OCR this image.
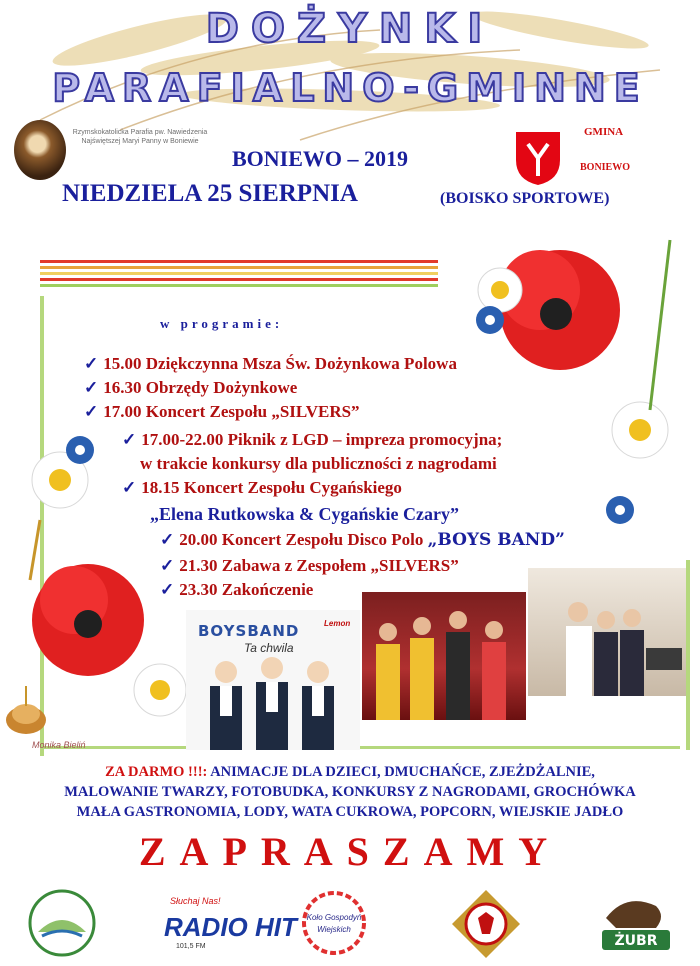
DOŻYNKI
PARAFIALNO-GMINNE
Rzymskokatolicka Parafia pw. Nawiedzenia Najświętszej Maryi Panny w Boniewie
GMINA
BONIEWO
BONIEWO – 2019
NIEDZIELA 25 SIERPNIA	(BOISKO SPORTOWE)
w programie:
✓ 15.00 Dziękczynna Msza Św. Dożynkowa Polowa
✓ 16.30 Obrzędy Dożynkowe
✓ 17.00 Koncert Zespołu „SILVERS”
✓ 17.00-22.00 Piknik z LGD – impreza promocyjna;
w trakcie konkursy dla publiczności z nagrodami
✓ 18.15 Koncert Zespołu Cygańskiego
„Elena Rutkowska & Cygańskie Czary”
✓ 20.00 Koncert Zespołu Disco Polo „BOYS BAND”
✓ 21.30 Zabawa z Zespołem „SILVERS”
✓ 23.30 Zakończenie
BOYSBAND
Ta chwila
Lemon
Monika Bieliń
ZA DARMO !!!: ANIMACJE DLA DZIECI, DMUCHAŃCE, ZJEŻDŻALNIE,
MALOWANIE TWARZY, FOTOBUDKA, KONKURSY Z NAGRODAMI, GROCHÓWKA
MAŁA GASTRONOMIA, LODY, WATA CUKROWA, POPCORN, WIEJSKIE JADŁO
ZAPRASZAMY
Słuchaj Nas!
RADIO HIT
101,5 FM
Koło Gospodyń
Wiejskich
ŻUBR
